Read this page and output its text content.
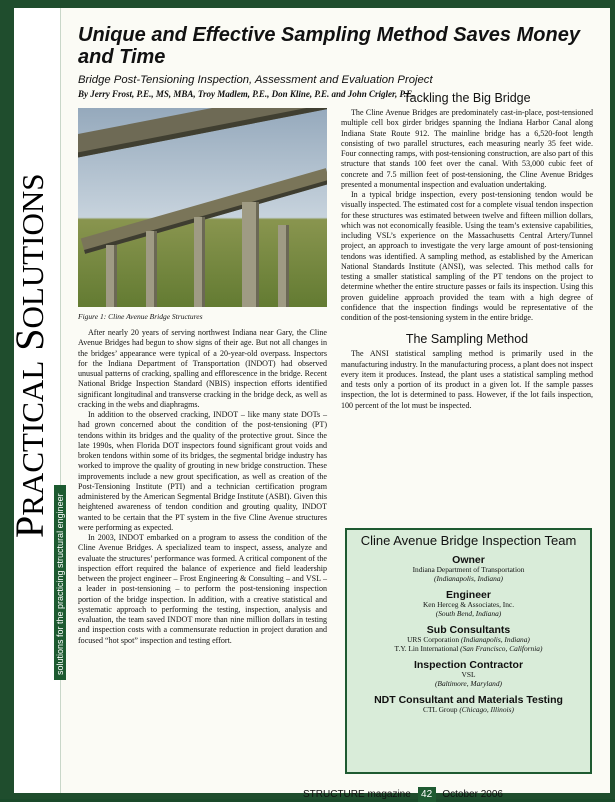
PRACTICAL SOLUTIONS
solutions for the practicing structural engineer
Unique and Effective Sampling Method Saves Money and Time
Bridge Post-Tensioning Inspection, Assessment and Evaluation Project
By Jerry Frost, P.E., MS, MBA, Troy Madlem, P.E., Don Kline, P.E. and John Crigler, P.E.
Figure 1: Cline Avenue Bridge Structures

After nearly 20 years of serving northwest Indiana near Gary, the Cline Avenue Bridges had begun to show signs of their age. But not all changes in the bridges’ appearance were typical of a 20-year-old overpass. Inspectors for the Indiana Department of Transportation (INDOT) had observed unusual patterns of cracking, spalling and efflorescence in the bridge. Recent National Bridge Inspection Standard (NBIS) inspection efforts identified significant longitudinal and transverse cracking in the bridge deck, as well as cracking in the webs and diaphragms.

In addition to the observed cracking, INDOT – like many state DOTs – had grown concerned about the condition of the post-tensioning (PT) tendons within its bridges and the quality of the protective grout. Since the late 1990s, when Florida DOT inspectors found significant grout voids and broken tendons within some of its bridges, the segmental bridge industry has worked to improve the quality of grouting in new bridge construction. These improvements include a new grout specification, as well as creation of the Post-Tensioning Institute (PTI) and a technician certification program administered by the American Segmental Bridge Institute (ASBI). Given this heightened awareness of tendon condition and grouting quality, INDOT wanted to be certain that the PT system in the five Cline Avenue structures were performing as expected.

In 2003, INDOT embarked on a program to assess the condition of the Cline Avenue Bridges. A specialized team to inspect, assess, analyze and evaluate the structures’ performance was formed. A critical component of the inspection effort required the balance of experience and field leadership between the project engineer – Frost Engineering & Consulting – and VSL – a leader in post-tensioning – to perform the post-tensioning inspection portion of the bridge inspection. In addition, with a creative statistical and systematic approach to performing the testing, inspection, analysis and evaluation, the team saved INDOT more than nine million dollars in testing and inspection costs with a commensurate reduction in project duration and focused “hot spot” inspection and testing effort.

Tackling the Big Bridge

The Cline Avenue Bridges are predominately cast-in-place, post-tensioned multiple cell box girder bridges spanning the Indiana Harbor Canal along Indiana State Route 912. The mainline bridge has a 6,520-foot length consisting of two parallel structures, each measuring nearly 35 feet wide. Four connecting ramps, with post-tensioning construction, are also part of this structure that stands 100 feet over the canal. With 53,000 cubic feet of concrete and 7.5 million feet of post-tensioning, the Cline Avenue Bridges presented a monumental inspection and evaluation undertaking.

In a typical bridge inspection, every post-tensioning tendon would be visually inspected. The estimated cost for a complete visual tendon inspection for these structures was estimated between twelve and fifteen million dollars, which was not economically feasible. Using the team’s extensive capabilities, including VSL’s experience on the Massachusetts Central Artery/Tunnel project, an approach to investigate the very large amount of post-tensioning tendons was identified. A sampling method, as established by the American National Standards Institute (ANSI), was selected. This method calls for testing a smaller statistical sampling of the PT tendons on the project to determine whether the entire structure passes or fails its inspection. Using this proven guideline approach provided the team with a high degree of confidence that the inspection findings would be representative of the condition of the post-tensioning system in the entire bridge.

The Sampling Method

The ANSI statistical sampling method is primarily used in the manufacturing industry. In the manufacturing process, a plant does not inspect every item it produces. Instead, the plant uses a statistical sampling method and tests only a portion of its product in a given lot. If the sample passes inspection, the lot is determined to pass. However, if the lot fails inspection, 100 percent of the lot must be inspected.

Cline Avenue Bridge Inspection Team
Owner
Indiana Department of Transportation
(Indianapolis, Indiana)
Engineer
Ken Herceg & Associates, Inc.
(South Bend, Indiana)
Sub Consultants
URS Corporation (Indianapolis, Indiana)
T.Y. Lin International (San Francisco, California)
Inspection Contractor
VSL
(Baltimore, Maryland)
NDT Consultant and Materials Testing
CTL Group (Chicago, Illinois)
STRUCTURE magazine 42 October 2006
